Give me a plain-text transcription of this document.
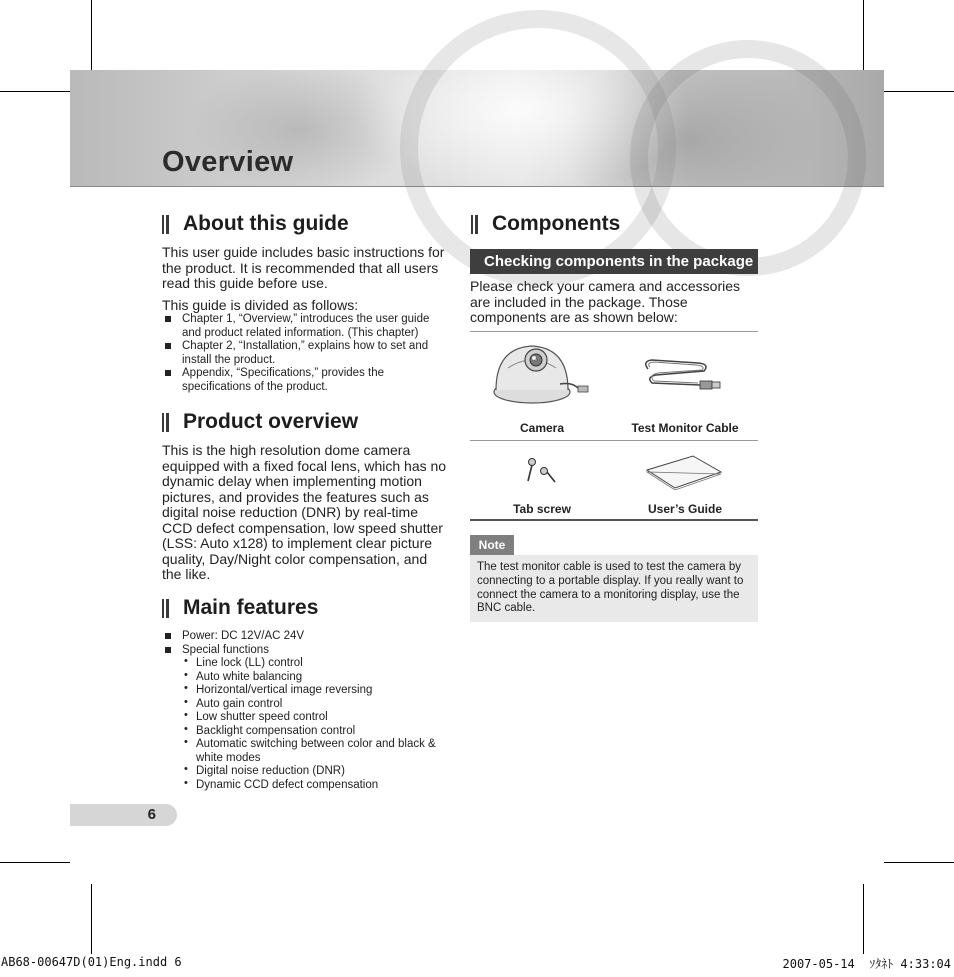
Overview
About this guide

This user guide includes basic instructions for the product. It is recommended that all users read this guide before use.

This guide is divided as follows:

Chapter 1, “Overview,” introduces the user guide and product related information. (This chapter)
Chapter 2, “Installation,” explains how to set and install the product.
Appendix, “Specifications,” provides the specifications of the product.
Product overview

This is the high resolution dome camera equipped with a fixed focal lens, which has no dynamic delay when implementing motion pictures, and provides the features such as digital noise reduction (DNR) by real-time CCD defect compensation, low speed shutter (LSS: Auto x128) to implement clear picture quality, Day/Night color compensation, and the like.

Main features
Power: DC 12V/AC 24V
Special functions
• Line lock (LL) control
• Auto white balancing
• Horizontal/vertical image reversing
• Auto gain control
• Low shutter speed control
• Backlight compensation control
• Automatic switching between color and black & white modes
• Digital noise reduction (DNR)
• Dynamic CCD defect compensation
Components
Checking components in the package

Please check your camera and accessories are included in the package. Those components are as shown below:

Camera	Test Monitor Cable
Tab screw	User’s Guide
Note
The test monitor cable is used to test the camera by connecting to a portable display. If you really want to connect the camera to a monitoring display, use the BNC cable.
6
AB68-00647D(01)Eng.indd 6	2007-05-14  ｿﾀﾈﾄ 4:33:04
